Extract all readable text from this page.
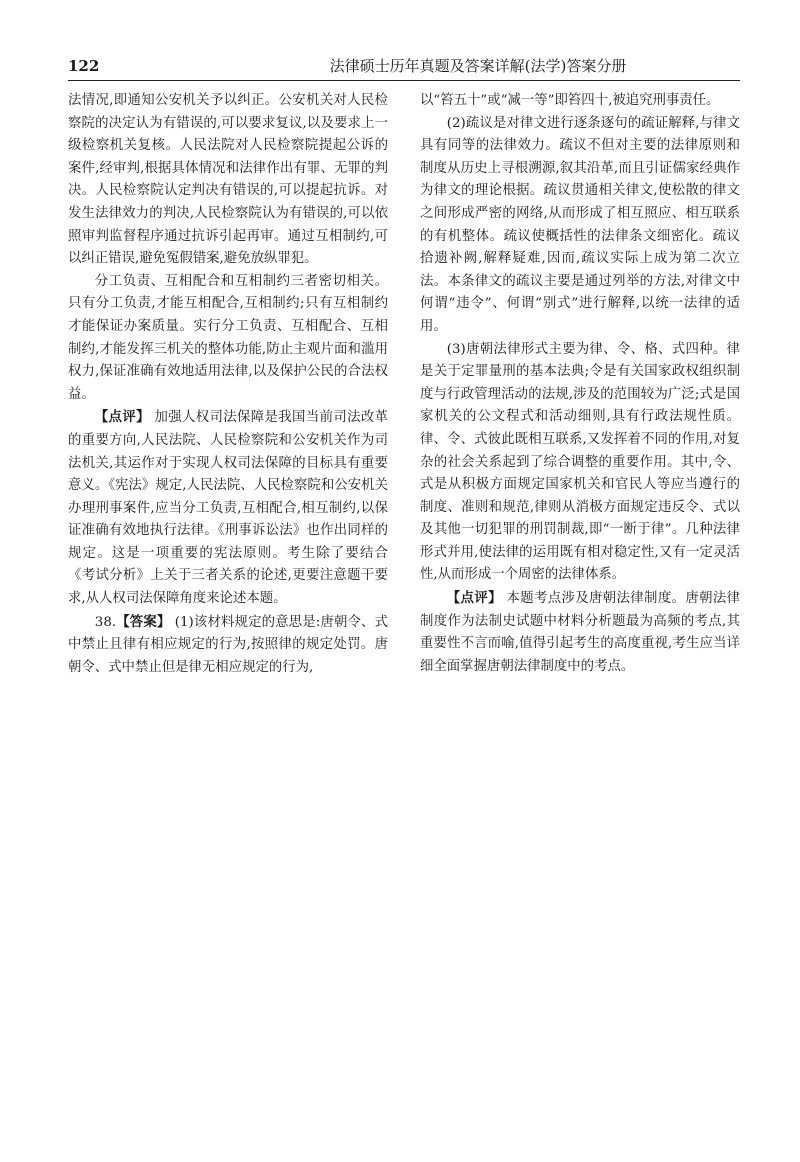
122	法律硕士历年真题及答案详解(法学)答案分册

法情况,即通知公安机关予以纠正。公安机关对人民检察院的决定认为有错误的,可以要求复议,以及要求上一级检察机关复核。人民法院对人民检察院提起公诉的案件,经审判,根据具体情况和法律作出有罪、无罪的判决。人民检察院认定判决有错误的,可以提起抗诉。对发生法律效力的判决,人民检察院认为有错误的,可以依照审判监督程序通过抗诉引起再审。通过互相制约,可以纠正错误,避免冤假错案,避免放纵罪犯。

分工负责、互相配合和互相制约三者密切相关。只有分工负责,才能互相配合,互相制约;只有互相制约才能保证办案质量。实行分工负责、互相配合、互相制约,才能发挥三机关的整体功能,防止主观片面和滥用权力,保证准确有效地适用法律,以及保护公民的合法权益。

【点评】 加强人权司法保障是我国当前司法改革的重要方向,人民法院、人民检察院和公安机关作为司法机关,其运作对于实现人权司法保障的目标具有重要意义。《宪法》规定,人民法院、人民检察院和公安机关办理刑事案件,应当分工负责,互相配合,相互制约,以保证准确有效地执行法律。《刑事诉讼法》也作出同样的规定。这是一项重要的宪法原则。考生除了要结合《考试分析》上关于三者关系的论述,更要注意题干要求,从人权司法保障角度来论述本题。

38.【答案】 (1)该材料规定的意思是:唐朝令、式中禁止且律有相应规定的行为,按照律的规定处罚。唐朝令、式中禁止但是律无相应规定的行为,

以“笞五十”或“减一等”即笞四十,被追究刑事责任。

(2)疏议是对律文进行逐条逐句的疏证解释,与律文具有同等的法律效力。疏议不但对主要的法律原则和制度从历史上寻根溯源,叙其沿革,而且引证儒家经典作为律文的理论根据。疏议贯通相关律文,使松散的律文之间形成严密的网络,从而形成了相互照应、相互联系的有机整体。疏议使概括性的法律条文细密化。疏议拾遗补阙,解释疑难,因而,疏议实际上成为第二次立法。本条律文的疏议主要是通过列举的方法,对律文中何谓“违令”、何谓“别式”进行解释,以统一法律的适用。

(3)唐朝法律形式主要为律、令、格、式四种。律是关于定罪量刑的基本法典;令是有关国家政权组织制度与行政管理活动的法规,涉及的范围较为广泛;式是国家机关的公文程式和活动细则,具有行政法规性质。律、令、式彼此既相互联系,又发挥着不同的作用,对复杂的社会关系起到了综合调整的重要作用。其中,令、式是从积极方面规定国家机关和官民人等应当遵行的制度、准则和规范,律则从消极方面规定违反令、式以及其他一切犯罪的刑罚制裁,即“一断于律”。几种法律形式并用,使法律的运用既有相对稳定性,又有一定灵活性,从而形成一个周密的法律体系。

【点评】 本题考点涉及唐朝法律制度。唐朝法律制度作为法制史试题中材料分析题最为高频的考点,其重要性不言而喻,值得引起考生的高度重视,考生应当详细全面掌握唐朝法律制度中的考点。
